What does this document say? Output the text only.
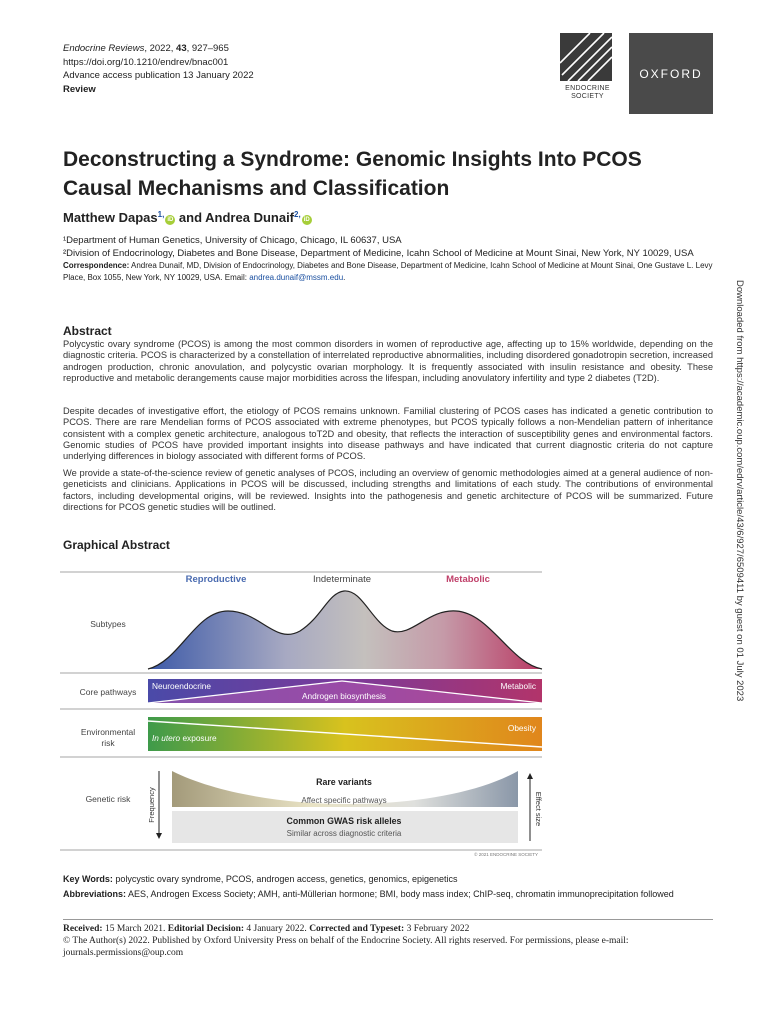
Endocrine Reviews, 2022, 43, 927–965
https://doi.org/10.1210/endrev/bnac001
Advance access publication 13 January 2022
Review	ENDOCRINE SOCIETY
OXFORD
Deconstructing a Syndrome: Genomic Insights Into PCOS Causal Mechanisms and Classification
Matthew Dapas$^{1,}$iD and Andrea Dunaif$^{2,}$iD
¹Department of Human Genetics, University of Chicago, Chicago, IL 60637, USA
²Division of Endocrinology, Diabetes and Bone Disease, Department of Medicine, Icahn School of Medicine at Mount Sinai, New York, NY 10029, USA
Correspondence: Andrea Dunaif, MD, Division of Endocrinology, Diabetes and Bone Disease, Department of Medicine, Icahn School of Medicine at Mount Sinai, One Gustave L. Levy Place, Box 1055, New York, NY 10029, USA. Email: andrea.dunaif@mssm.edu.
Downloaded from https://academic.oup.com/edrv/article/43/6/927/6509411 by guest on 01 July 2023
Abstract
Polycystic ovary syndrome (PCOS) is among the most common disorders in women of reproductive age, affecting up to 15% worldwide, depending on the diagnostic criteria. PCOS is characterized by a constellation of interrelated reproductive abnormalities, including disordered gonadotropin secretion, increased androgen production, chronic anovulation, and polycystic ovarian morphology. It is frequently associated with insulin resistance and obesity. These reproductive and metabolic derangements cause major morbidities across the lifespan, including anovulatory infertility and type 2 diabetes (T2D).
Despite decades of investigative effort, the etiology of PCOS remains unknown. Familial clustering of PCOS cases has indicated a genetic contribution to PCOS. There are rare Mendelian forms of PCOS associated with extreme phenotypes, but PCOS typically follows a non-Mendelian pattern of inheritance consistent with a complex genetic architecture, analogous toT2D and obesity, that reflects the interaction of susceptibility genes and environmental factors. Genomic studies of PCOS have provided important insights into disease pathways and have indicated that current diagnostic criteria do not capture underlying differences in biology associated with different forms of PCOS.
We provide a state-of-the-science review of genetic analyses of PCOS, including an overview of genomic methodologies aimed at a general audience of non-geneticists and clinicians. Applications in PCOS will be discussed, including strengths and limitations of each study. The contributions of environmental factors, including developmental origins, will be reviewed. Insights into the pathogenesis and genetic architecture of PCOS will be summarized. Future directions for PCOS genetic studies will be outlined.
Graphical Abstract
Reproductive	Indeterminate	Metabolic
Subtypes
Core pathways
Environmental
risk
Genetic risk
Neuroendocrine	Metabolic
Androgen biosynthesis
In utero exposure
Obesity
Rare variants
Affect specific pathways
Common GWAS risk alleles
Similar across diagnostic criteria
Frequency	Effect size
© 2021 ENDOCRINE SOCIETY
Key Words: polycystic ovary syndrome, PCOS, androgen access, genetics, genomics, epigenetics
Abbreviations: AES, Androgen Excess Society; AMH, anti-Müllerian hormone; BMI, body mass index; ChIP-seq, chromatin immunoprecipitation followed
Received: 15 March 2021. Editorial Decision: 4 January 2022. Corrected and Typeset: 3 February 2022
© The Author(s) 2022. Published by Oxford University Press on behalf of the Endocrine Society. All rights reserved. For permissions, please e-mail: journals.permissions@oup.com
